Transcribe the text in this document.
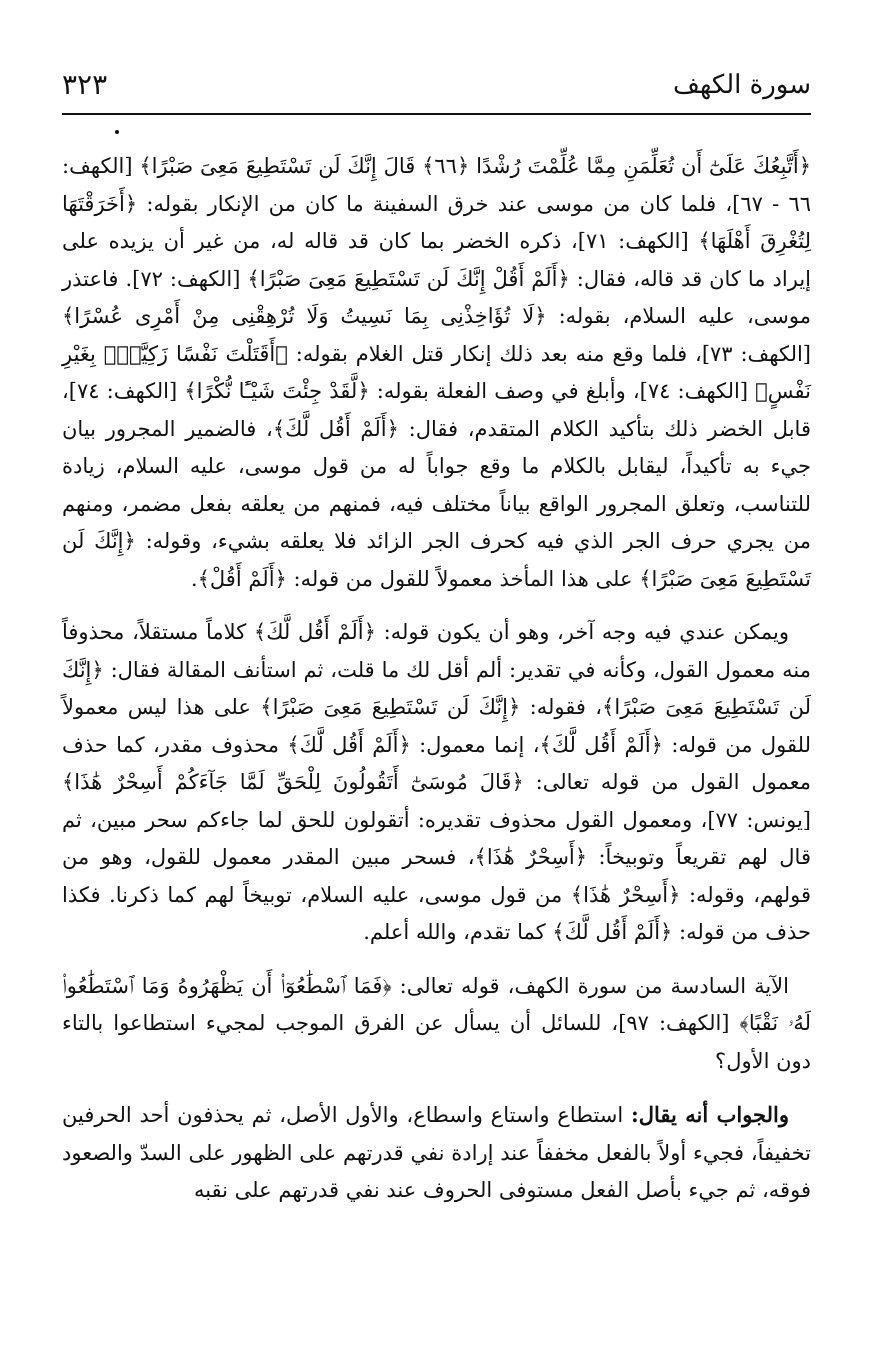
سورة الكهف
٣٢٣

﴿أَتَّبِعُكَ عَلَىٰٓ أَن تُعَلِّمَنِ مِمَّا عُلِّمْتَ رُشْدًا ﴿٦٦﴾ قَالَ إِنَّكَ لَن تَسْتَطِيعَ مَعِىَ صَبْرًا﴾ [الكهف: ٦٦ - ٦٧]، فلما كان من موسى عند خرق السفينة ما كان من الإنكار بقوله: ﴿أَخَرَقْتَهَا لِتُغْرِقَ أَهْلَهَا﴾ [الكهف: ٧١]، ذكره الخضر بما كان قد قاله له، من غير أن يزيده على إيراد ما كان قد قاله، فقال: ﴿أَلَمْ أَقُلْ إِنَّكَ لَن تَسْتَطِيعَ مَعِىَ صَبْرًا﴾ [الكهف: ٧٢]. فاعتذر موسى، عليه السلام، بقوله: ﴿لَا تُؤَاخِذْنِى بِمَا نَسِيتُ وَلَا تُرْهِقْنِى مِنْ أَمْرِى عُسْرًا﴾ [الكهف: ٧٣]، فلما وقع منه بعد ذلك إنكار قتل الغلام بقوله: ﴿أَقَتَلْتَ نَفْسًا زَكِيَّةًۢ بِغَيْرِ نَفْسٍ﴾ [الكهف: ٧٤]، وأبلغ في وصف الفعلة بقوله: ﴿لَّقَدْ جِئْتَ شَيْـًٔا نُّكْرًا﴾ [الكهف: ٧٤]، قابل الخضر ذلك بتأكيد الكلام المتقدم، فقال: ﴿أَلَمْ أَقُل لَّكَ﴾، فالضمير المجرور بيان جيء به تأكيداً، ليقابل بالكلام ما وقع جواباً له من قول موسى، عليه السلام، زيادة للتناسب، وتعلق المجرور الواقع بياناً مختلف فيه، فمنهم من يعلقه بفعل مضمر، ومنهم من يجري حرف الجر الذي فيه كحرف الجر الزائد فلا يعلقه بشيء، وقوله: ﴿إِنَّكَ لَن تَسْتَطِيعَ مَعِىَ صَبْرًا﴾ على هذا المأخذ معمولاً للقول من قوله: ﴿أَلَمْ أَقُلْ﴾.

ويمكن عندي فيه وجه آخر، وهو أن يكون قوله: ﴿أَلَمْ أَقُل لَّكَ﴾ كلاماً مستقلاً، محذوفاً منه معمول القول، وكأنه في تقدير: ألم أقل لك ما قلت، ثم استأنف المقالة فقال: ﴿إِنَّكَ لَن تَسْتَطِيعَ مَعِىَ صَبْرًا﴾، فقوله: ﴿إِنَّكَ لَن تَسْتَطِيعَ مَعِىَ صَبْرًا﴾ على هذا ليس معمولاً للقول من قوله: ﴿أَلَمْ أَقُل لَّكَ﴾، إنما معمول: ﴿أَلَمْ أَقُل لَّكَ﴾ محذوف مقدر، كما حذف معمول القول من قوله تعالى: ﴿قَالَ مُوسَىٰٓ أَتَقُولُونَ لِلْحَقِّ لَمَّا جَآءَكُمْ أَسِحْرٌ هَٰذَا﴾ [يونس: ٧٧]، ومعمول القول محذوف تقديره: أتقولون للحق لما جاءكم سحر مبين، ثم قال لهم تقريعاً وتوبيخاً: ﴿أَسِحْرٌ هَٰذَا﴾، فسحر مبين المقدر معمول للقول، وهو من قولهم، وقوله: ﴿أَسِحْرٌ هَٰذَا﴾ من قول موسى، عليه السلام، توبيخاً لهم كما ذكرنا. فكذا حذف من قوله: ﴿أَلَمْ أَقُل لَّكَ﴾ كما تقدم، والله أعلم.

الآية السادسة من سورة الكهف، قوله تعالى: ﴿فَمَا ٱسْطَٰعُوٓا۟ أَن يَظْهَرُوهُ وَمَا ٱسْتَطَٰعُوا۟ لَهُۥ نَقْبًا﴾ [الكهف: ٩٧]، للسائل أن يسأل عن الفرق الموجب لمجيء استطاعوا بالتاء دون الأول؟

والجواب أنه يقال: استطاع واستاع واسطاع، والأول الأصل، ثم يحذفون أحد الحرفين تخفيفاً، فجيء أولاً بالفعل مخففاً عند إرادة نفي قدرتهم على الظهور على السدّ والصعود فوقه، ثم جيء بأصل الفعل مستوفى الحروف عند نفي قدرتهم على نقبه
